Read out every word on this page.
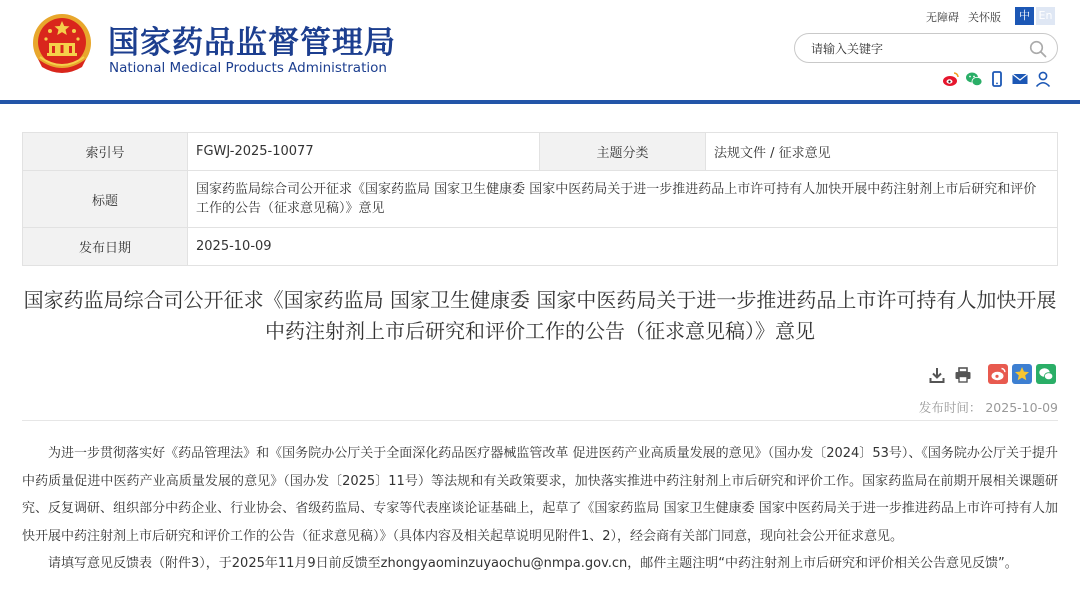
国家药品监督管理局
National Medical Products Administration
无障碍 关怀版	中 En
请输入关键字
索引号	FGWJ-2025-10077	主题分类	法规文件 / 征求意见
标题	国家药监局综合司公开征求《国家药监局 国家卫生健康委 国家中医药局关于进一步推进药品上市许可持有人加快开展中药注射剂上市后研究和评价工作的公告（征求意见稿）》意见		
发布日期	2025-10-09		
国家药监局综合司公开征求《国家药监局 国家卫生健康委 国家中医药局关于进一步推进药品上市许可持有人加快开展中药注射剂上市后研究和评价工作的公告（征求意见稿）》意见
发布时间： 2025-10-09

为进一步贯彻落实好《药品管理法》和《国务院办公厅关于全面深化药品医疗器械监管改革 促进医药产业高质量发展的意见》（国办发〔2024〕53号）、《国务院办公厅关于提升中药质量促进中医药产业高质量发展的意见》（国办发〔2025〕11号）等法规和有关政策要求，加快落实推进中药注射剂上市后研究和评价工作。国家药监局在前期开展相关课题研究、反复调研、组织部分中药企业、行业协会、省级药监局、专家等代表座谈论证基础上，起草了《国家药监局 国家卫生健康委 国家中医药局关于进一步推进药品上市许可持有人加快开展中药注射剂上市后研究和评价工作的公告（征求意见稿）》（具体内容及相关起草说明见附件1、2），经会商有关部门同意，现向社会公开征求意见。

请填写意见反馈表（附件3），于2025年11月9日前反馈至zhongyaominzuyaochu@nmpa.gov.cn，邮件主题注明“中药注射剂上市后研究和评价相关公告意见反馈”。
